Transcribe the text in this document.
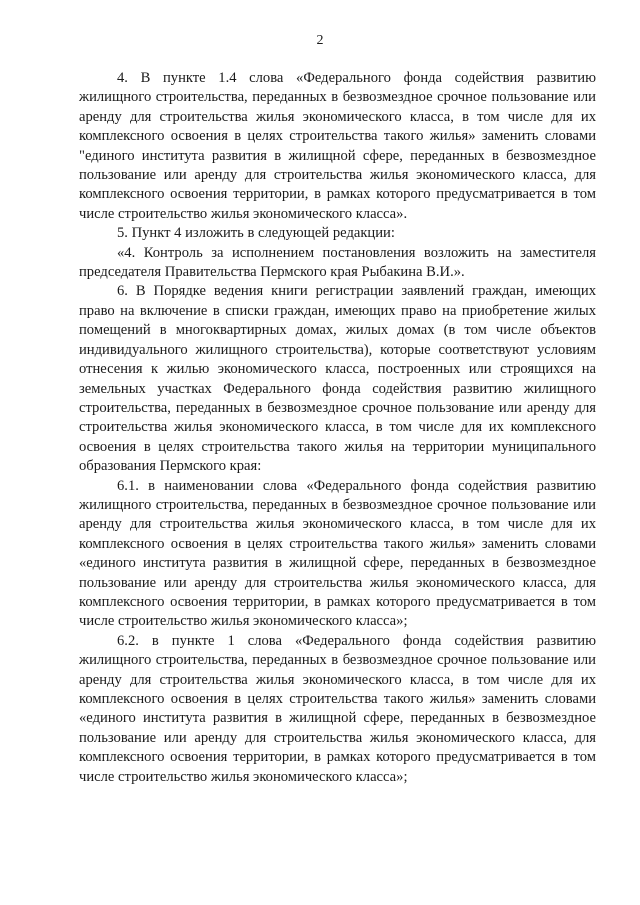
2

4. В пункте 1.4 слова «Федерального фонда содействия развитию жилищного строительства, переданных в безвозмездное срочное пользование или аренду для строительства жилья экономического класса, в том числе для их комплексного освоения в целях строительства такого жилья» заменить словами "единого института развития в жилищной сфере, переданных в безвозмездное пользование или аренду для строительства жилья экономического класса, для комплексного освоения территории, в рамках которого предусматривается в том числе строительство жилья экономического класса».

5. Пункт 4 изложить в следующей редакции:

«4. Контроль за исполнением постановления возложить на заместителя председателя Правительства Пермского края Рыбакина В.И.».

6. В Порядке ведения книги регистрации заявлений граждан, имеющих право на включение в списки граждан, имеющих право на приобретение жилых помещений в многоквартирных домах, жилых домах (в том числе объектов индивидуального жилищного строительства), которые соответствуют условиям отнесения к жилью экономического класса, построенных или строящихся на земельных участках Федерального фонда содействия развитию жилищного строительства, переданных в безвозмездное срочное пользование или аренду для строительства жилья экономического класса, в том числе для их комплексного освоения в целях строительства такого жилья на территории муниципального образования Пермского края:

6.1. в наименовании слова «Федерального фонда содействия развитию жилищного строительства, переданных в безвозмездное срочное пользование или аренду для строительства жилья экономического класса, в том числе для их комплексного освоения в целях строительства такого жилья» заменить словами «единого института развития в жилищной сфере, переданных в безвозмездное пользование или аренду для строительства жилья экономического класса, для комплексного освоения территории, в рамках которого предусматривается в том числе строительство жилья экономического класса»;

6.2. в пункте 1 слова «Федерального фонда содействия развитию жилищного строительства, переданных в безвозмездное срочное пользование или аренду для строительства жилья экономического класса, в том числе для их комплексного освоения в целях строительства такого жилья» заменить словами «единого института развития в жилищной сфере, переданных в безвозмездное пользование или аренду для строительства жилья экономического класса, для комплексного освоения территории, в рамках которого предусматривается в том числе строительство жилья экономического класса»;
